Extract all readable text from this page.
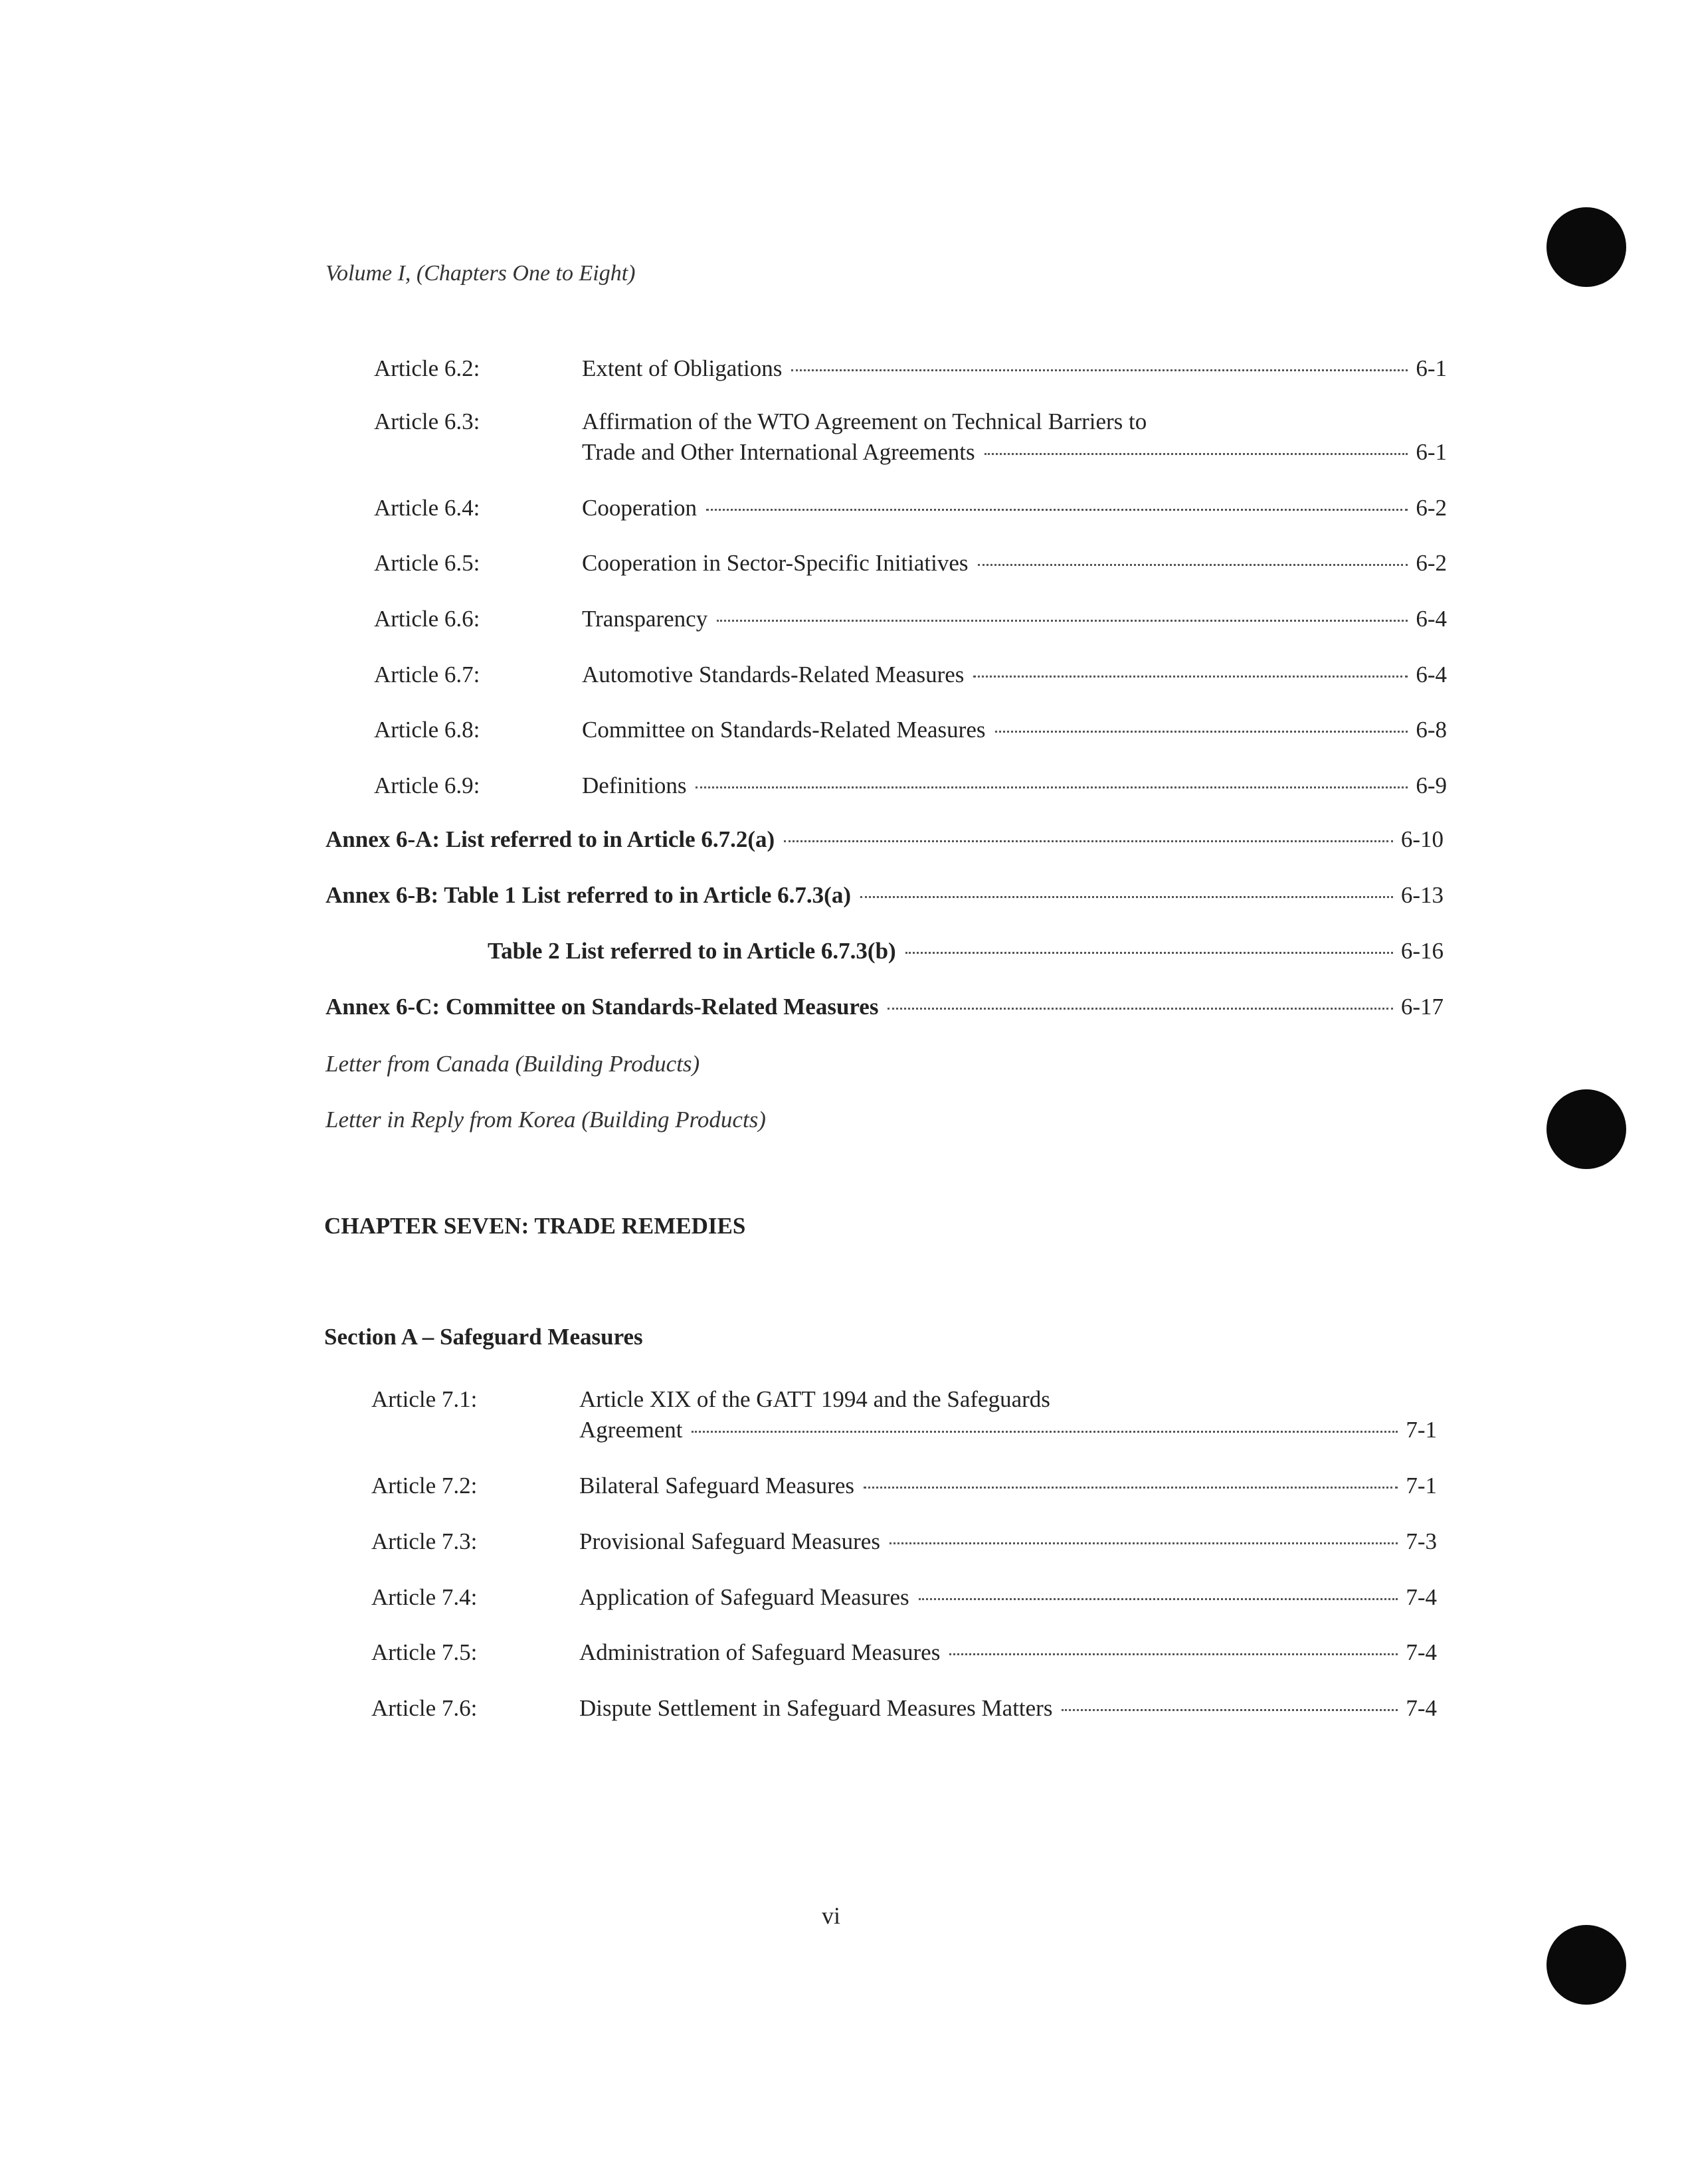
Volume I, (Chapters One to Eight)
Article 6.2:	Extent of Obligations	6-1
Article 6.3:	Affirmation of the WTO Agreement on Technical Barriers to
Trade and Other International Agreements	6-1
Article 6.4:	Cooperation	6-2
Article 6.5:	Cooperation in Sector-Specific Initiatives	6-2
Article 6.6:	Transparency	6-4
Article 6.7:	Automotive Standards-Related Measures	6-4
Article 6.8:	Committee on Standards-Related Measures	6-8
Article 6.9:	Definitions	6-9
Annex 6-A: List referred to in Article 6.7.2(a)	6-10
Annex 6-B: Table 1 List referred to in Article 6.7.3(a)	6-13
Table 2 List referred to in Article 6.7.3(b)	6-16
Annex 6-C: Committee on Standards-Related Measures	6-17
Letter from Canada (Building Products)
Letter in Reply from Korea (Building Products)
CHAPTER SEVEN: TRADE REMEDIES
Section A – Safeguard Measures
Article 7.1:	Article XIX of the GATT 1994 and the Safeguards
Agreement	7-1
Article 7.2:	Bilateral Safeguard Measures	7-1
Article 7.3:	Provisional Safeguard Measures	7-3
Article 7.4:	Application of Safeguard Measures	7-4
Article 7.5:	Administration of Safeguard Measures	7-4
Article 7.6:	Dispute Settlement in Safeguard Measures Matters	7-4
vi
